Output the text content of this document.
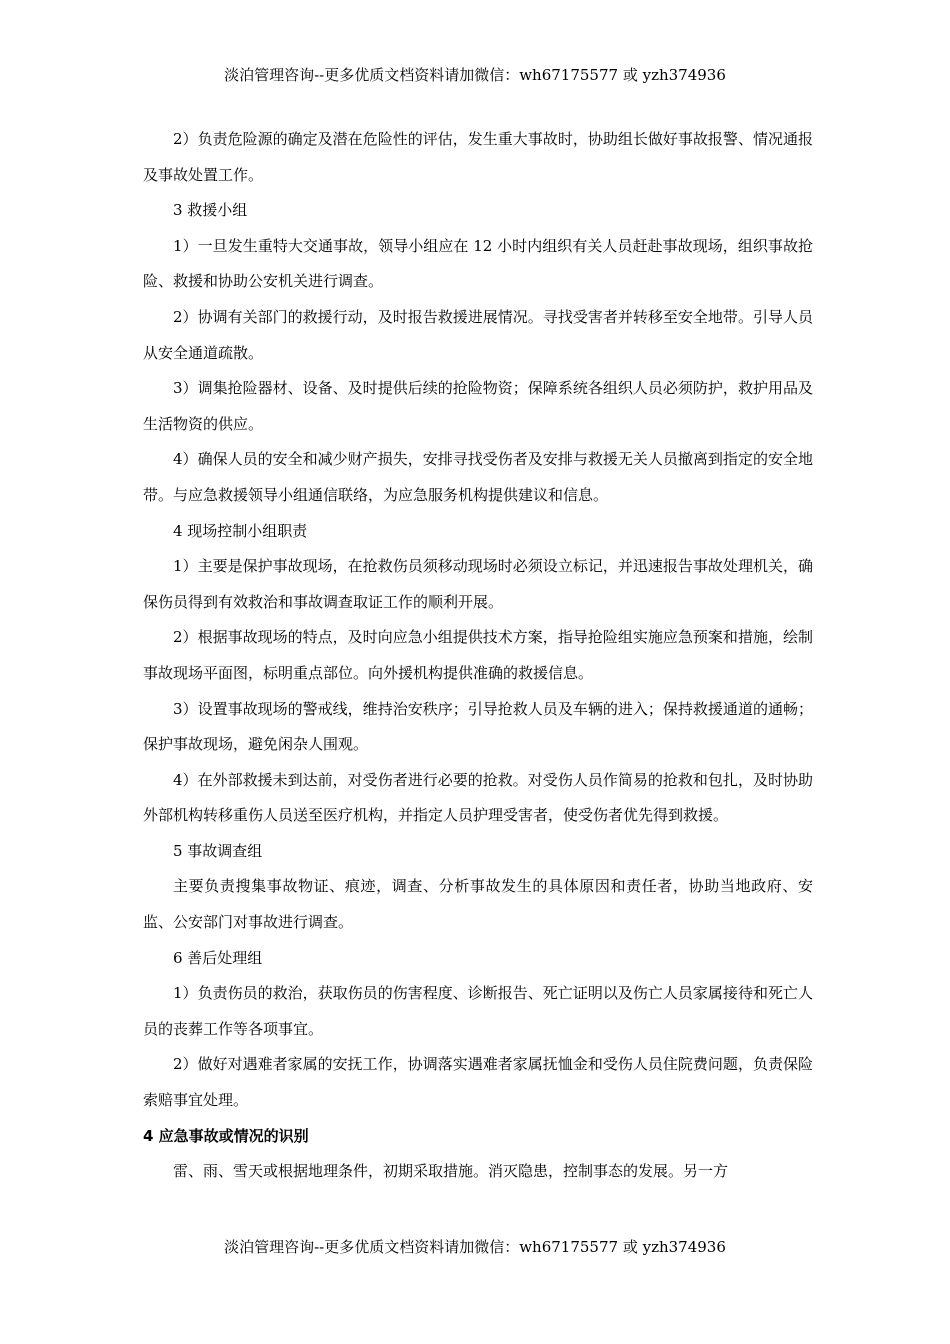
淡泊管理咨询--更多优质文档资料请加微信：wh67175577 或 yzh374936

2）负责危险源的确定及潜在危险性的评估，发生重大事故时，协助组长做好事故报警、情况通报及事故处置工作。

3 救援小组

1）一旦发生重特大交通事故，领导小组应在 12 小时内组织有关人员赶赴事故现场，组织事故抢险、救援和协助公安机关进行调查。

2）协调有关部门的救援行动，及时报告救援进展情况。寻找受害者并转移至安全地带。引导人员从安全通道疏散。

3）调集抢险器材、设备、及时提供后续的抢险物资；保障系统各组织人员必须防护，救护用品及生活物资的供应。

4）确保人员的安全和减少财产损失，安排寻找受伤者及安排与救援无关人员撤离到指定的安全地带。与应急救援领导小组通信联络，为应急服务机构提供建议和信息。

4 现场控制小组职责

1）主要是保护事故现场，在抢救伤员须移动现场时必须设立标记，并迅速报告事故处理机关，确保伤员得到有效救治和事故调查取证工作的顺利开展。

2）根据事故现场的特点，及时向应急小组提供技术方案，指导抢险组实施应急预案和措施，绘制事故现场平面图，标明重点部位。向外援机构提供准确的救援信息。

3）设置事故现场的警戒线，维持治安秩序；引导抢救人员及车辆的进入；保持救援通道的通畅；保护事故现场，避免闲杂人围观。

4）在外部救援未到达前，对受伤者进行必要的抢救。对受伤人员作简易的抢救和包扎，及时协助外部机构转移重伤人员送至医疗机构，并指定人员护理受害者，使受伤者优先得到救援。

5 事故调查组

主要负责搜集事故物证、痕迹，调查、分析事故发生的具体原因和责任者，协助当地政府、安监、公安部门对事故进行调查。

6 善后处理组

1）负责伤员的救治，获取伤员的伤害程度、诊断报告、死亡证明以及伤亡人员家属接待和死亡人员的丧葬工作等各项事宜。

2）做好对遇难者家属的安抚工作，协调落实遇难者家属抚恤金和受伤人员住院费问题，负责保险索赔事宜处理。

4 应急事故或情况的识别

雷、雨、雪天或根据地理条件，初期采取措施。消灭隐患，控制事态的发展。另一方

淡泊管理咨询--更多优质文档资料请加微信：wh67175577 或 yzh374936
